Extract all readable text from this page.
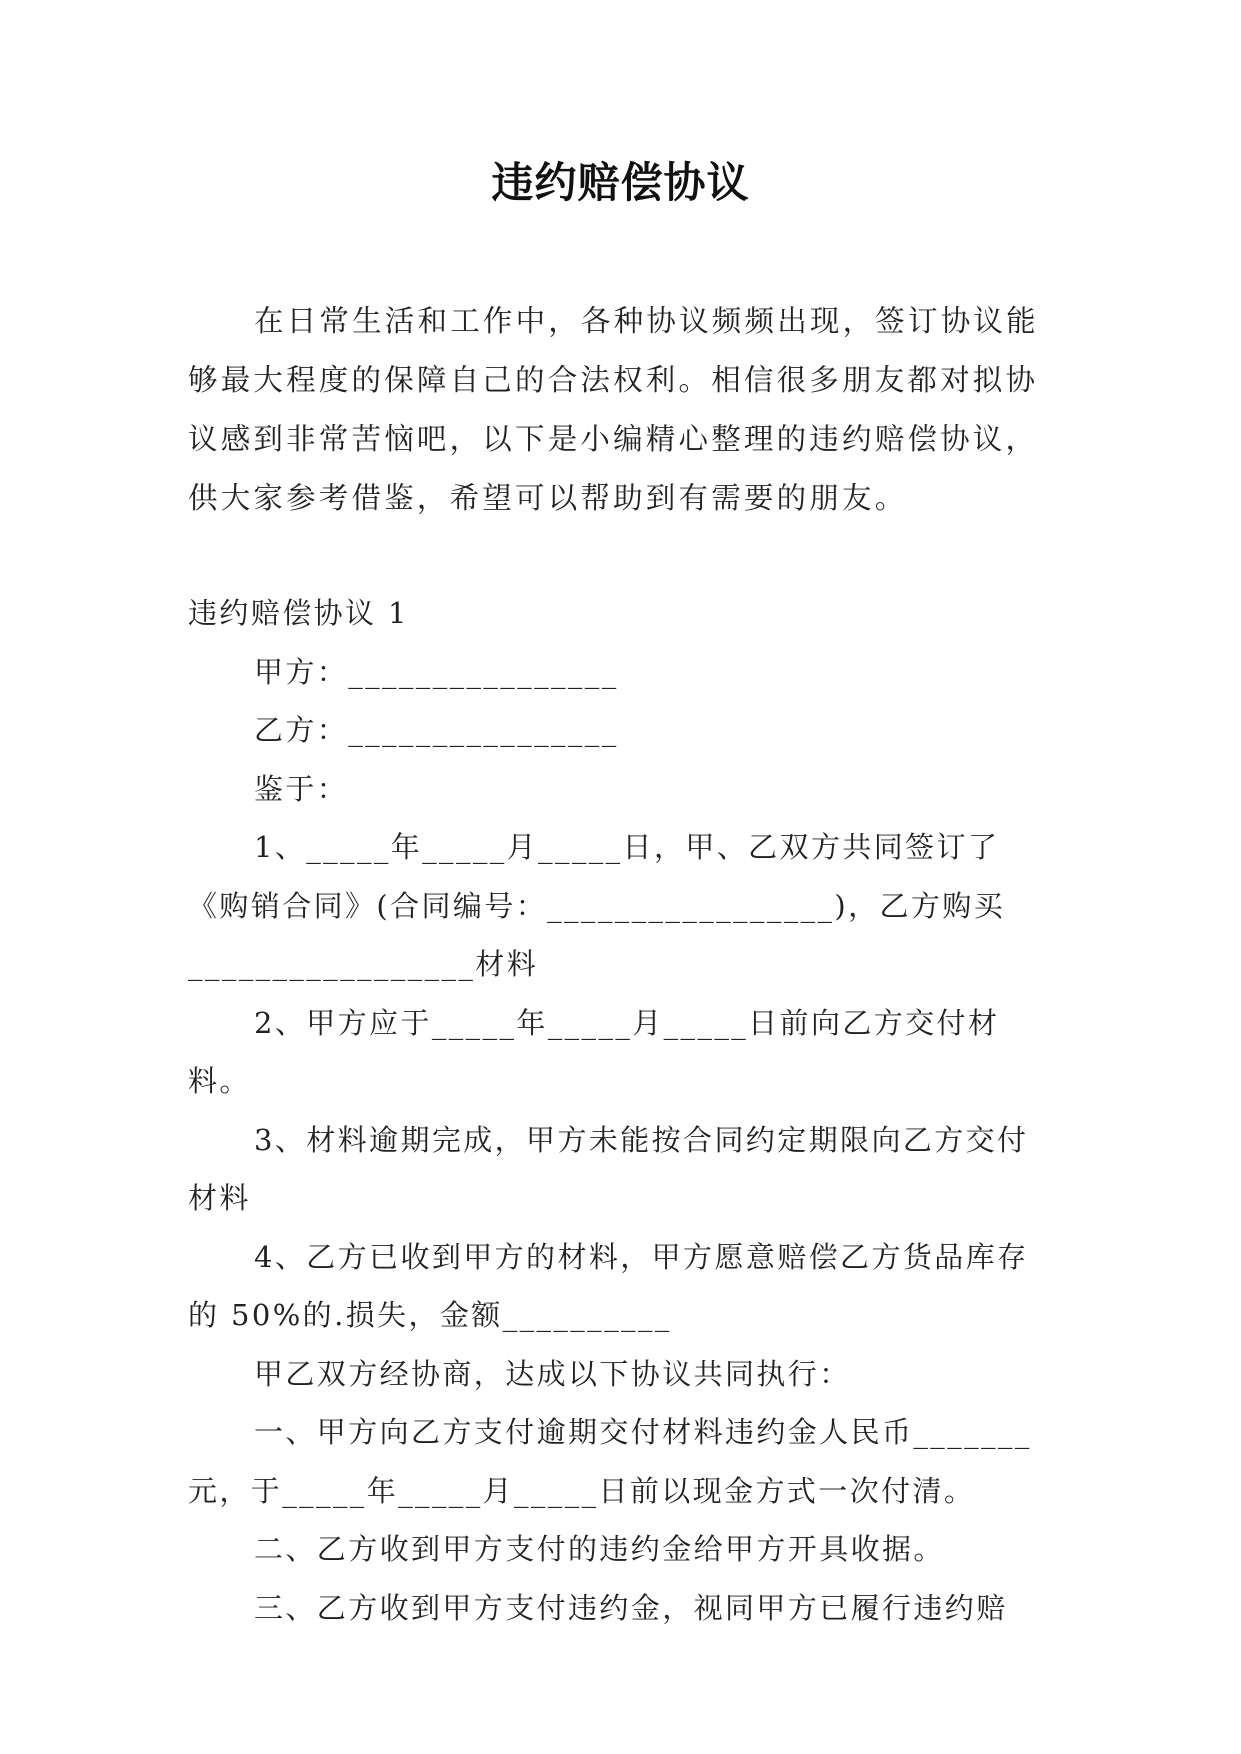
违约赔偿协议

在日常生活和工作中，各种协议频频出现，签订协议能够最大程度的保障自己的合法权利。相信很多朋友都对拟协议感到非常苦恼吧，以下是小编精心整理的违约赔偿协议，供大家参考借鉴，希望可以帮助到有需要的朋友。

违约赔偿协议 1

甲方：________________

乙方：________________

鉴于：

1、_____年_____月_____日，甲、乙双方共同签订了《购销合同》(合同编号：_________________)，乙方购买_________________材料

2、甲方应于_____年_____月_____日前向乙方交付材料。

3、材料逾期完成，甲方未能按合同约定期限向乙方交付材料

4、乙方已收到甲方的材料，甲方愿意赔偿乙方货品库存的 50%的.损失，金额__________

甲乙双方经协商，达成以下协议共同执行：

一、甲方向乙方支付逾期交付材料违约金人民币_______元，于_____年_____月_____日前以现金方式一次付清。

二、乙方收到甲方支付的违约金给甲方开具收据。

三、乙方收到甲方支付违约金，视同甲方已履行违约赔
